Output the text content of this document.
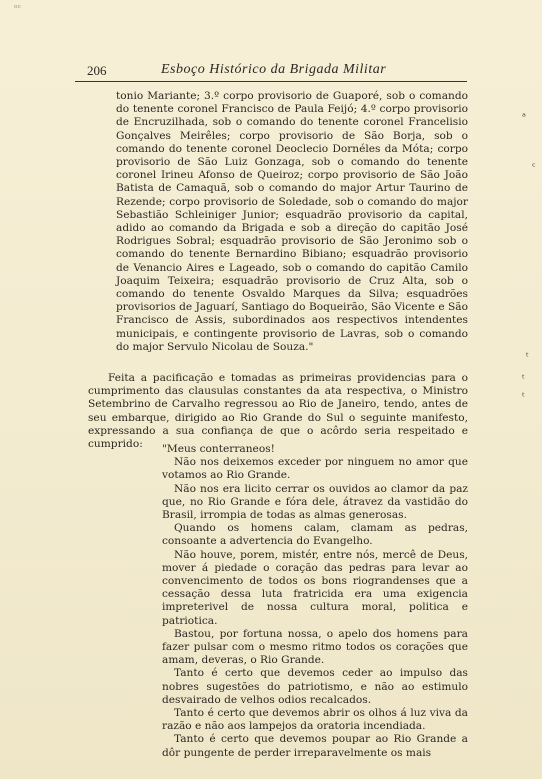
ᵒᶜ
206	Esboço Histórico da Brigada Militar

tonio Mariante; 3.º corpo provisorio de Guaporé, sob o comando do tenente coronel Francisco de Paula Feijó; 4.º corpo provisorio de Encruzilhada, sob o comando do tenente coronel Francelisio Gonçalves Meirêles; corpo provisorio de São Borja, sob o comando do tenente coronel Deoclecio Dornéles da Móta; corpo provisorio de São Luiz Gonzaga, sob o comando do tenente coronel Irineu Afonso de Queiroz; corpo provisorio de São João Batista de Camaquã, sob o comando do major Artur Taurino de Rezende; corpo provisorio de Soledade, sob o comando do major Sebastião Schleiniger Junior; esquadrão provisorio da capital, adido ao comando da Brigada e sob a direção do capitão José Rodrigues Sobral; esquadrão provisorio de São Jeronimo sob o comando do tenente Bernardino Bibiano; esquadrão provisorio de Venancio Aires e Lageado, sob o comando do capitão Camilo Joaquim Teixeira; esquadrão provisorio de Cruz Alta, sob o comando do tenente Osvaldo Marques da Silva; esquadrões provisorios de Jaguarí, Santiago do Boqueirão, São Vicente e São Francisco de Assis, subordinados aos respectivos intendentes municipais, e contingente provisorio de Lavras, sob o comando do major Servulo Nicolau de Souza."

Feita a pacificação e tomadas as primeiras providencias para o cumprimento das clausulas constantes da ata respectiva, o Ministro Setembrino de Carvalho regressou ao Rio de Janeiro, tendo, antes de seu embarque, dirigido ao Rio Grande do Sul o seguinte manifesto, expressando a sua confiança de que o acôrdo seria respeitado e cumprido:	"Meus conterraneos!

Não nos deixemos exceder por ninguem no amor que votamos ao Rio Grande.

Não nos era licito cerrar os ouvidos ao clamor da paz que, no Rio Grande e fóra dele, átravez da vastidão do Brasil, irrompia de todas as almas generosas.

Quando os homens calam, clamam as pedras, consoante a advertencia do Evangelho.

Não houve, porem, mistér, entre nós, mercê de Deus, mover á piedade o coração das pedras para levar ao convencimento de todos os bons riograndenses que a cessação dessa luta fratricida era uma exigencia impreterivel de nossa cultura moral, politica e patriotica.

Bastou, por fortuna nossa, o apelo dos homens para fazer pulsar com o mesmo ritmo todos os corações que amam, deveras, o Rio Grande.

Tanto é certo que devemos ceder ao impulso das nobres sugestões do patriotismo, e não ao estimulo desvairado de velhos odios recalcados.

Tanto é certo que devemos abrir os olhos á luz viva da razão e não aos lampejos da oratoria incendiada.

Tanto é certo que devemos poupar ao Rio Grande a dôr pungente de perder irreparavelmente os mais

ᵃ
ᶜ
ᵗ
ᵗ
ᵗ
